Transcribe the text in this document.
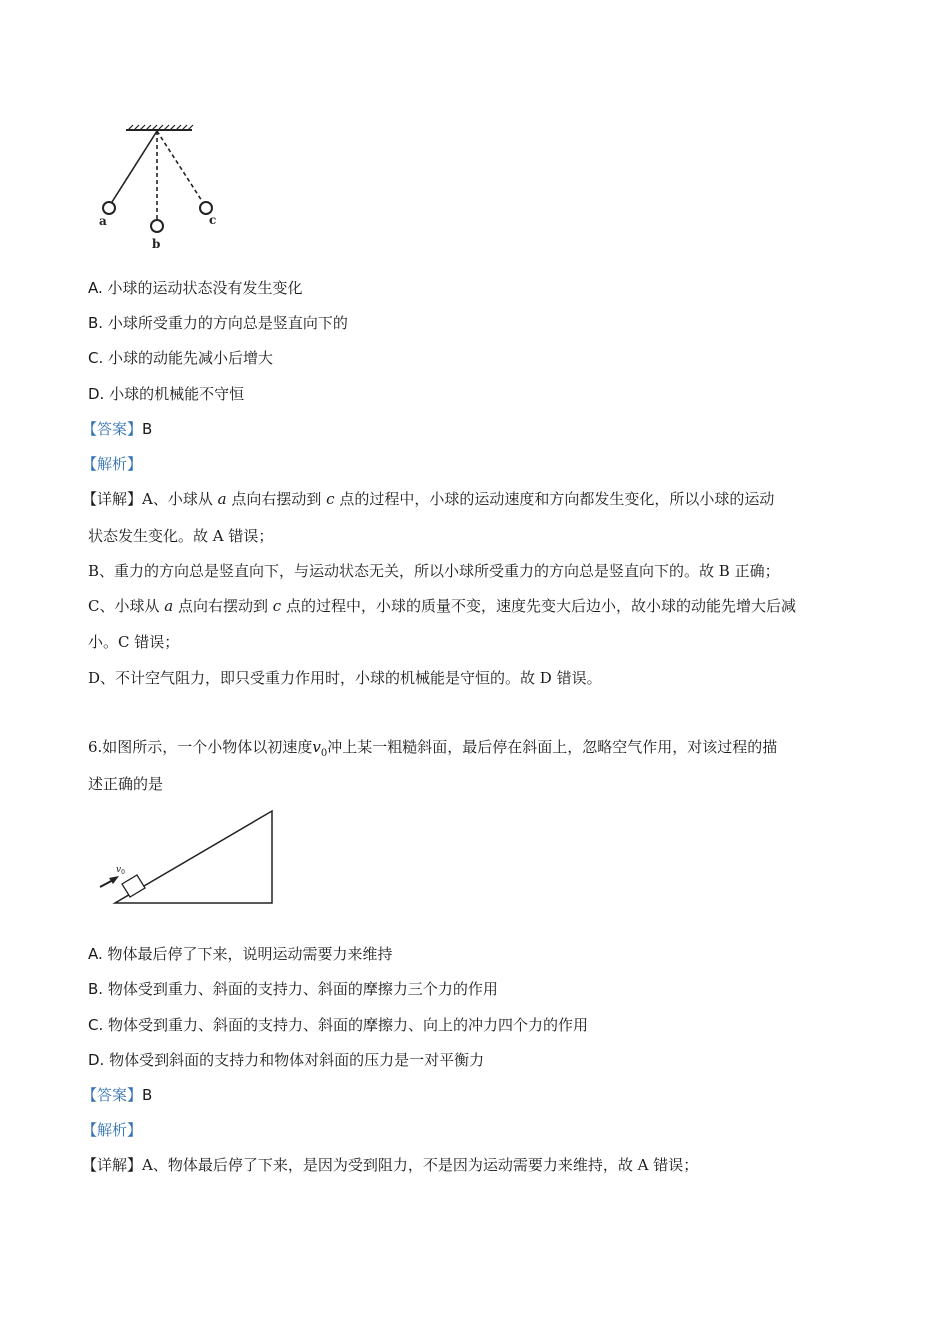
a
b
c
A. 小球的运动状态没有发生变化
B. 小球所受重力的方向总是竖直向下的
C. 小球的动能先减小后增大
D. 小球的机械能不守恒
【答案】B
【解析】
【详解】A、小球从 a 点向右摆动到 c 点的过程中，小球的运动速度和方向都发生变化，所以小球的运动
状态发生变化。故 A 错误；
B、重力的方向总是竖直向下，与运动状态无关，所以小球所受重力的方向总是竖直向下的。故 B 正确；
C、小球从 a 点向右摆动到 c 点的过程中，小球的质量不变，速度先变大后边小，故小球的动能先增大后减
小。C 错误；
D、不计空气阻力，即只受重力作用时，小球的机械能是守恒的。故 D 错误。
6.如图所示，一个小物体以初速度$v_0$冲上某一粗糙斜面，最后停在斜面上，忽略空气作用，对该过程的描
述正确的是
$v_0$
A. 物体最后停了下来，说明运动需要力来维持
B. 物体受到重力、斜面的支持力、斜面的摩擦力三个力的作用
C. 物体受到重力、斜面的支持力、斜面的摩擦力、向上的冲力四个力的作用
D. 物体受到斜面的支持力和物体对斜面的压力是一对平衡力
【答案】B
【解析】
【详解】A、物体最后停了下来，是因为受到阻力，不是因为运动需要力来维持，故 A 错误；
